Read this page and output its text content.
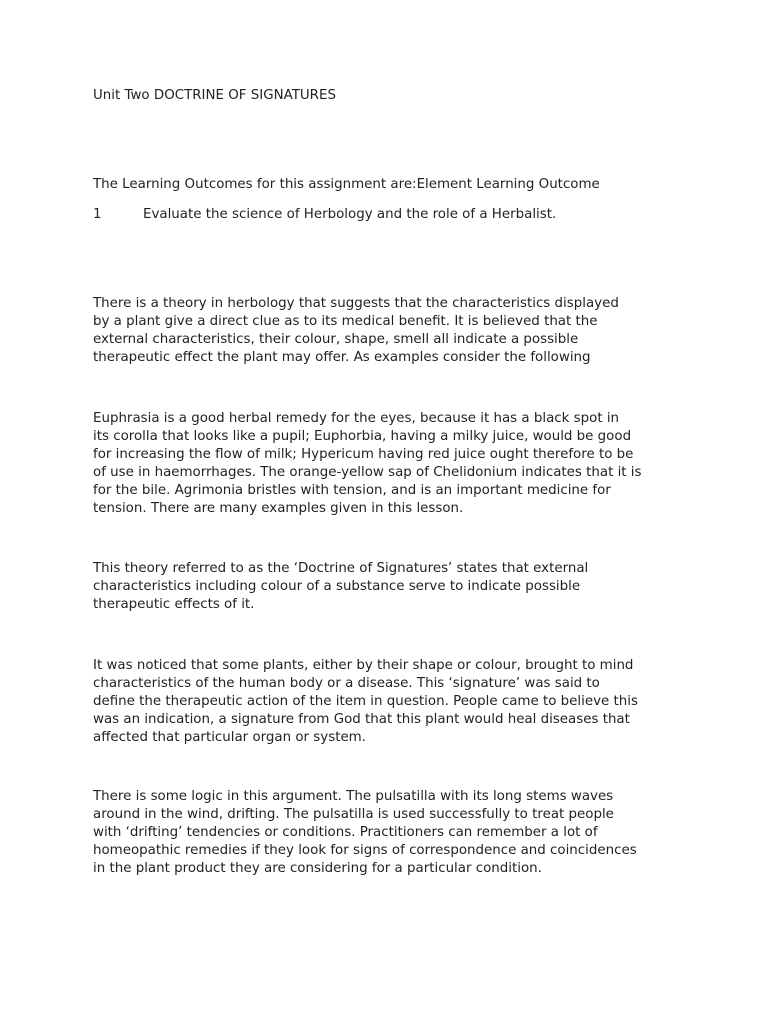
Unit Two DOCTRINE OF SIGNATURES

The Learning Outcomes for this assignment are:Element Learning Outcome

1	Evaluate the science of Herbology and the role of a Herbalist.

There is a theory in herbology that suggests that the characteristics displayed
by a plant give a direct clue as to its medical benefit. It is believed that the
external characteristics, their colour, shape, smell all indicate a possible
therapeutic effect the plant may offer. As examples consider the following
Euphrasia is a good herbal remedy for the eyes, because it has a black spot in
its corolla that looks like a pupil; Euphorbia, having a milky juice, would be good
for increasing the flow of milk; Hypericum having red juice ought therefore to be
of use in haemorrhages. The orange-yellow sap of Chelidonium indicates that it is
for the bile. Agrimonia bristles with tension, and is an important medicine for
tension. There are many examples given in this lesson.
This theory referred to as the ‘Doctrine of Signatures’ states that external
characteristics including colour of a substance serve to indicate possible
therapeutic effects of it.
It was noticed that some plants, either by their shape or colour, brought to mind
characteristics of the human body or a disease. This ‘signature’ was said to
define the therapeutic action of the item in question. People came to believe this
was an indication, a signature from God that this plant would heal diseases that
affected that particular organ or system.
There is some logic in this argument. The pulsatilla with its long stems waves
around in the wind, drifting. The pulsatilla is used successfully to treat people
with ‘drifting’ tendencies or conditions. Practitioners can remember a lot of
homeopathic remedies if they look for signs of correspondence and coincidences
in the plant product they are considering for a particular condition.
